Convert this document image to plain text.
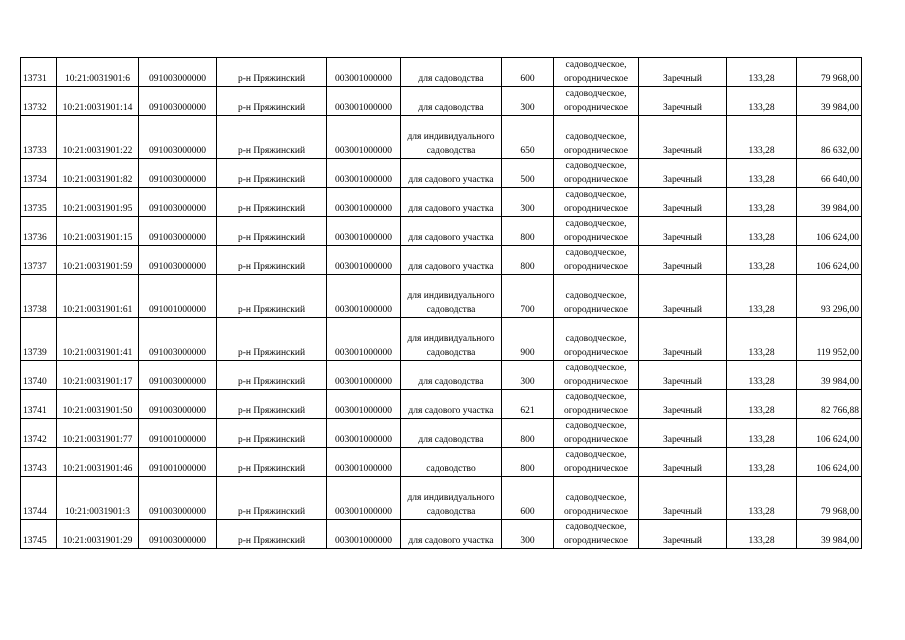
13731	10:21:0031901:6	091003000000	р-н Пряжинский	003001000000	для садоводства	600	садоводческое, огородническое	Заречный	133,28	79 968,00
13732	10:21:0031901:14	091003000000	р-н Пряжинский	003001000000	для садоводства	300	садоводческое, огородническое	Заречный	133,28	39 984,00
13733	10:21:0031901:22	091003000000	р-н Пряжинский	003001000000	для индивидуального садоводства	650	садоводческое, огородническое	Заречный	133,28	86 632,00
13734	10:21:0031901:82	091003000000	р-н Пряжинский	003001000000	для садового участка	500	садоводческое, огородническое	Заречный	133,28	66 640,00
13735	10:21:0031901:95	091003000000	р-н Пряжинский	003001000000	для садового участка	300	садоводческое, огородническое	Заречный	133,28	39 984,00
13736	10:21:0031901:15	091003000000	р-н Пряжинский	003001000000	для садового участка	800	садоводческое, огородническое	Заречный	133,28	106 624,00
13737	10:21:0031901:59	091003000000	р-н Пряжинский	003001000000	для садового участка	800	садоводческое, огородническое	Заречный	133,28	106 624,00
13738	10:21:0031901:61	091001000000	р-н Пряжинский	003001000000	для индивидуального садоводства	700	садоводческое, огородническое	Заречный	133,28	93 296,00
13739	10:21:0031901:41	091003000000	р-н Пряжинский	003001000000	для индивидуального садоводства	900	садоводческое, огородническое	Заречный	133,28	119 952,00
13740	10:21:0031901:17	091003000000	р-н Пряжинский	003001000000	для садоводства	300	садоводческое, огородническое	Заречный	133,28	39 984,00
13741	10:21:0031901:50	091003000000	р-н Пряжинский	003001000000	для садового участка	621	садоводческое, огородническое	Заречный	133,28	82 766,88
13742	10:21:0031901:77	091001000000	р-н Пряжинский	003001000000	для садоводства	800	садоводческое, огородническое	Заречный	133,28	106 624,00
13743	10:21:0031901:46	091001000000	р-н Пряжинский	003001000000	садоводство	800	садоводческое, огородническое	Заречный	133,28	106 624,00
13744	10:21:0031901:3	091003000000	р-н Пряжинский	003001000000	для индивидуального садоводства	600	садоводческое, огородническое	Заречный	133,28	79 968,00
13745	10:21:0031901:29	091003000000	р-н Пряжинский	003001000000	для садового участка	300	садоводческое, огородническое	Заречный	133,28	39 984,00
